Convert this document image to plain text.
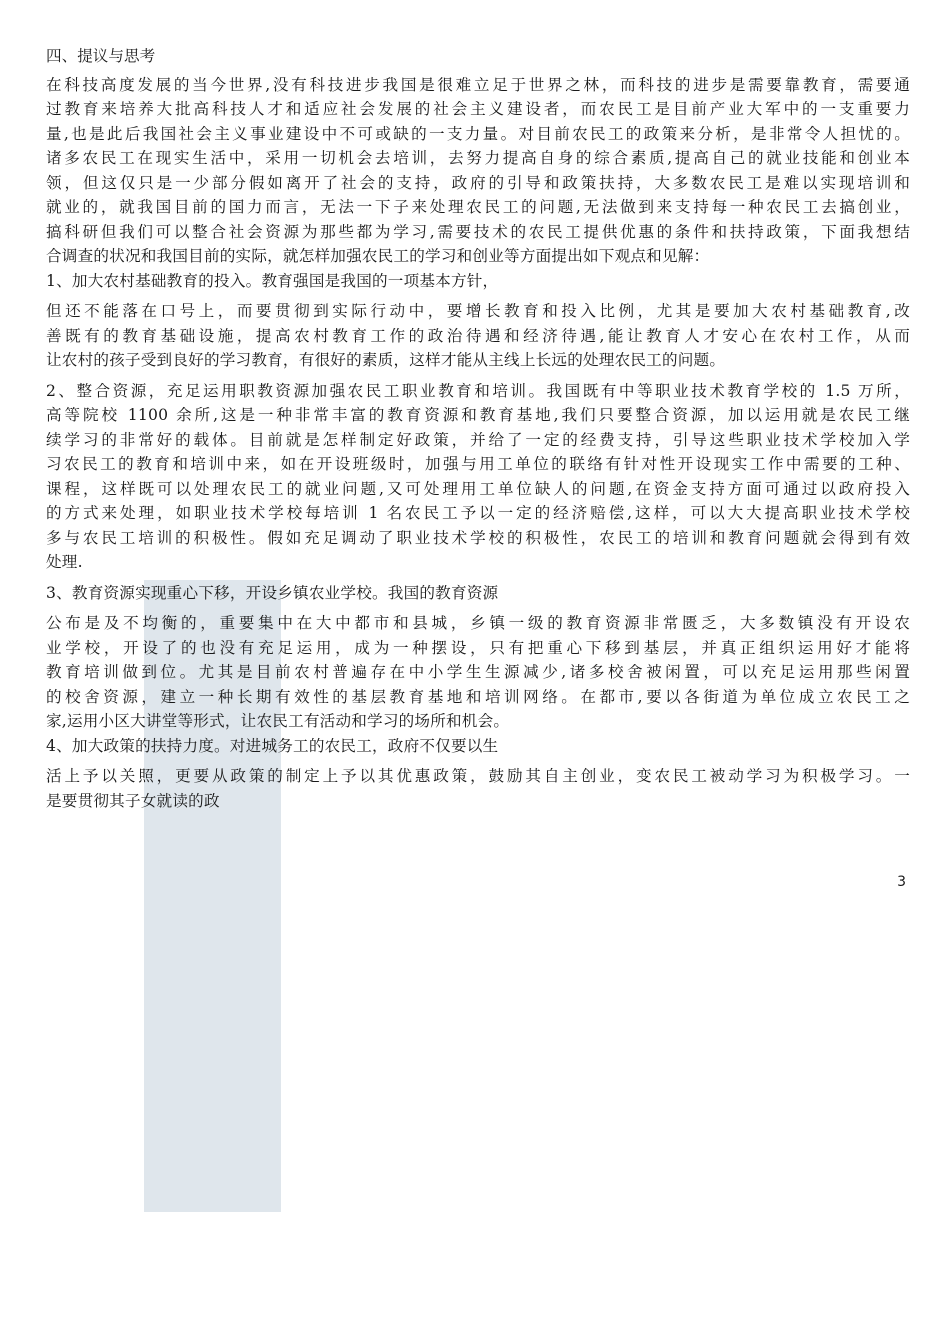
四、提议与思考
在科技高度发展的当今世界,没有科技进步我国是很难立足于世界之林，而科技的进步是需要靠教育，需要通
过教育来培养大批高科技人才和适应社会发展的社会主义建设者，而农民工是目前产业大军中的一支重要力
量,也是此后我国社会主义事业建设中不可或缺的一支力量。对目前农民工的政策来分析，是非常令人担忧的。
诸多农民工在现实生活中，采用一切机会去培训，去努力提高自身的综合素质,提高自己的就业技能和创业本
领，但这仅只是一少部分假如离开了社会的支持，政府的引导和政策扶持，大多数农民工是难以实现培训和
就业的，就我国目前的国力而言，无法一下子来处理农民工的问题,无法做到来支持每一种农民工去搞创业，
搞科研但我们可以整合社会资源为那些都为学习,需要技术的农民工提供优惠的条件和扶持政策，下面我想结
合调查的状况和我国目前的实际，就怎样加强农民工的学习和创业等方面提出如下观点和见解：
1、加大农村基础教育的投入。教育强国是我国的一项基本方针，
但还不能落在口号上，而要贯彻到实际行动中，要增长教育和投入比例，尤其是要加大农村基础教育,改
善既有的教育基础设施，提高农村教育工作的政治待遇和经济待遇,能让教育人才安心在农村工作，从而
让农村的孩子受到良好的学习教育，有很好的素质，这样才能从主线上长远的处理农民工的问题。
2、整合资源，充足运用职教资源加强农民工职业教育和培训。我国既有中等职业技术教育学校的 1.5 万所，
高等院校 1100 余所,这是一种非常丰富的教育资源和教育基地,我们只要整合资源，加以运用就是农民工继
续学习的非常好的载体。目前就是怎样制定好政策，并给了一定的经费支持，引导这些职业技术学校加入学
习农民工的教育和培训中来，如在开设班级时，加强与用工单位的联络有针对性开设现实工作中需要的工种、
课程，这样既可以处理农民工的就业问题,又可处理用工单位缺人的问题,在资金支持方面可通过以政府投入
的方式来处理，如职业技术学校每培训 1 名农民工予以一定的经济赔偿,这样，可以大大提高职业技术学校
多与农民工培训的积极性。假如充足调动了职业技术学校的积极性，农民工的培训和教育问题就会得到有效
处理.
3、教育资源实现重心下移，开设乡镇农业学校。我国的教育资源
公布是及不均衡的，重要集中在大中都市和县城，乡镇一级的教育资源非常匮乏，大多数镇没有开设农
业学校，开设了的也没有充足运用，成为一种摆设，只有把重心下移到基层，并真正组织运用好才能将
教育培训做到位。尤其是目前农村普遍存在中小学生生源减少,诸多校舍被闲置，可以充足运用那些闲置
的校舍资源，建立一种长期有效性的基层教育基地和培训网络。在都市,要以各街道为单位成立农民工之
家,运用小区大讲堂等形式，让农民工有活动和学习的场所和机会。
4、加大政策的扶持力度。对进城务工的农民工，政府不仅要以生
活上予以关照，更要从政策的制定上予以其优惠政策，鼓励其自主创业，变农民工被动学习为积极学习。一
是要贯彻其子女就读的政
3
